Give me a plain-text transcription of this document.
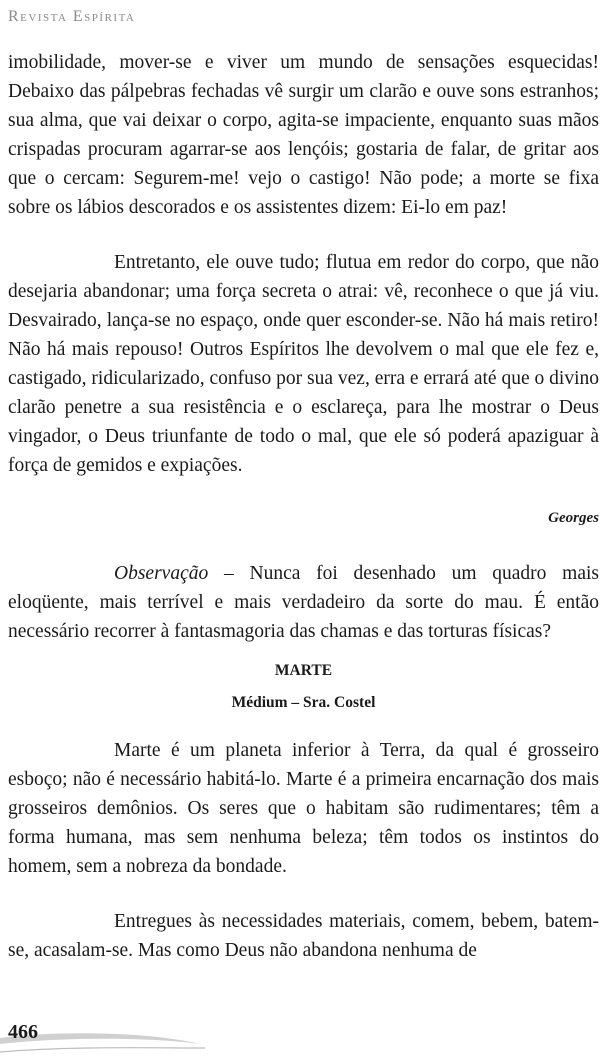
Revista Espírita

imobilidade, mover-se e viver um mundo de sensações esquecidas! Debaixo das pálpebras fechadas vê surgir um clarão e ouve sons estranhos; sua alma, que vai deixar o corpo, agita-se impaciente, enquanto suas mãos crispadas procuram agarrar-se aos lençóis; gostaria de falar, de gritar aos que o cercam: Segurem-me! vejo o castigo! Não pode; a morte se fixa sobre os lábios descorados e os assistentes dizem: Ei-lo em paz!

Entretanto, ele ouve tudo; flutua em redor do corpo, que não desejaria abandonar; uma força secreta o atrai: vê, reconhece o que já viu. Desvairado, lança-se no espaço, onde quer esconder-se. Não há mais retiro! Não há mais repouso! Outros Espíritos lhe devolvem o mal que ele fez e, castigado, ridicularizado, confuso por sua vez, erra e errará até que o divino clarão penetre a sua resistência e o esclareça, para lhe mostrar o Deus vingador, o Deus triunfante de todo o mal, que ele só poderá apaziguar à força de gemidos e expiações.

Georges

Observação – Nunca foi desenhado um quadro mais eloqüente, mais terrível e mais verdadeiro da sorte do mau. É então necessário recorrer à fantasmagoria das chamas e das torturas físicas?

MARTE

Médium – Sra. Costel

Marte é um planeta inferior à Terra, da qual é grosseiro esboço; não é necessário habitá-lo. Marte é a primeira encarnação dos mais grosseiros demônios. Os seres que o habitam são rudimentares; têm a forma humana, mas sem nenhuma beleza; têm todos os instintos do homem, sem a nobreza da bondade.

Entregues às necessidades materiais, comem, bebem, batem-se, acasalam-se. Mas como Deus não abandona nenhuma de

466
